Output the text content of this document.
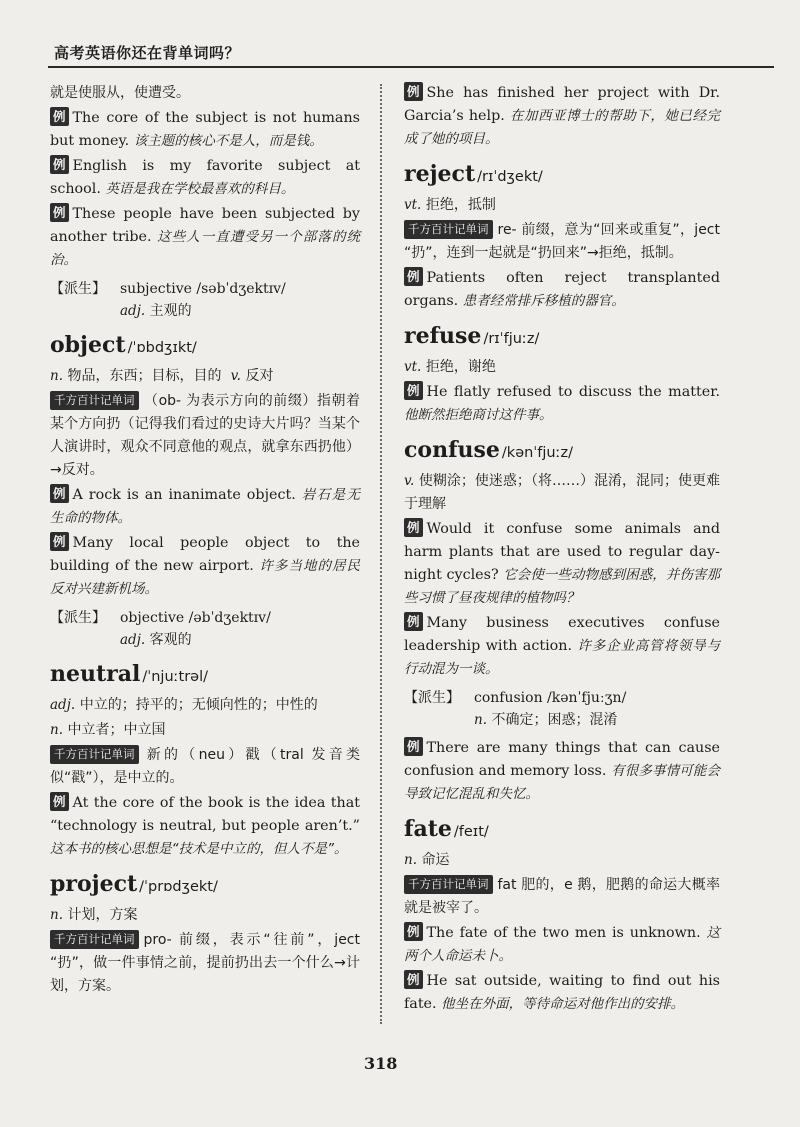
高考英语你还在背单词吗？

就是使服从，使遭受。

例 The core of the subject is not humans but money. 该主题的核心不是人，而是钱。

例 English is my favorite subject at school. 英语是我在学校最喜欢的科目。

例 These people have been subjected by another tribe. 这些人一直遭受另一个部落的统治。

【派生】	subjective /səbˈdʒektɪv/
adj. 主观的
object /ˈɒbdʒɪkt/

n. 物品，东西；目标，目的 v. 反对

千方百计记单词 （ob- 为表示方向的前缀）指朝着某个方向扔（记得我们看过的史诗大片吗？当某个人演讲时，观众不同意他的观点，就拿东西扔他）→反对。

例 A rock is an inanimate object. 岩石是无生命的物体。

例 Many local people object to the building of the new airport. 许多当地的居民反对兴建新机场。

【派生】	objective /əbˈdʒektɪv/
adj. 客观的
neutral /ˈnjuːtrəl/

adj. 中立的；持平的；无倾向性的；中性的

n. 中立者；中立国

千方百计记单词 新的（neu）戳（tral 发音类似“戳”），是中立的。

例 At the core of the book is the idea that “technology is neutral, but people aren’t.” 这本书的核心思想是“技术是中立的，但人不是”。

project /ˈprɒdʒekt/

n. 计划，方案

千方百计记单词 pro- 前缀，表示“往前”，ject “扔”，做一件事情之前，提前扔出去一个什么→计划，方案。

例 She has finished her project with Dr. Garcia’s help. 在加西亚博士的帮助下，她已经完成了她的项目。

reject /rɪˈdʒekt/

vt. 拒绝，抵制

千方百计记单词 re- 前缀，意为“回来或重复”，ject “扔”，连到一起就是“扔回来”→拒绝，抵制。

例 Patients often reject transplanted organs. 患者经常排斥移植的器官。

refuse /rɪˈfjuːz/

vt. 拒绝，谢绝

例 He flatly refused to discuss the matter. 他断然拒绝商讨这件事。

confuse /kənˈfjuːz/

v. 使糊涂；使迷惑；（将……）混淆，混同；使更难于理解

例 Would it confuse some animals and harm plants that are used to regular day-night cycles? 它会使一些动物感到困惑，并伤害那些习惯了昼夜规律的植物吗？

例 Many business executives confuse leadership with action. 许多企业高管将领导与行动混为一谈。

【派生】	confusion /kənˈfjuːʒn/
n. 不确定；困惑；混淆

例 There are many things that can cause confusion and memory loss. 有很多事情可能会导致记忆混乱和失忆。

fate /feɪt/

n. 命运

千方百计记单词 fat 肥的，e 鹅，肥鹅的命运大概率就是被宰了。

例 The fate of the two men is unknown. 这两个人命运未卜。

例 He sat outside, waiting to find out his fate. 他坐在外面，等待命运对他作出的安排。

318
